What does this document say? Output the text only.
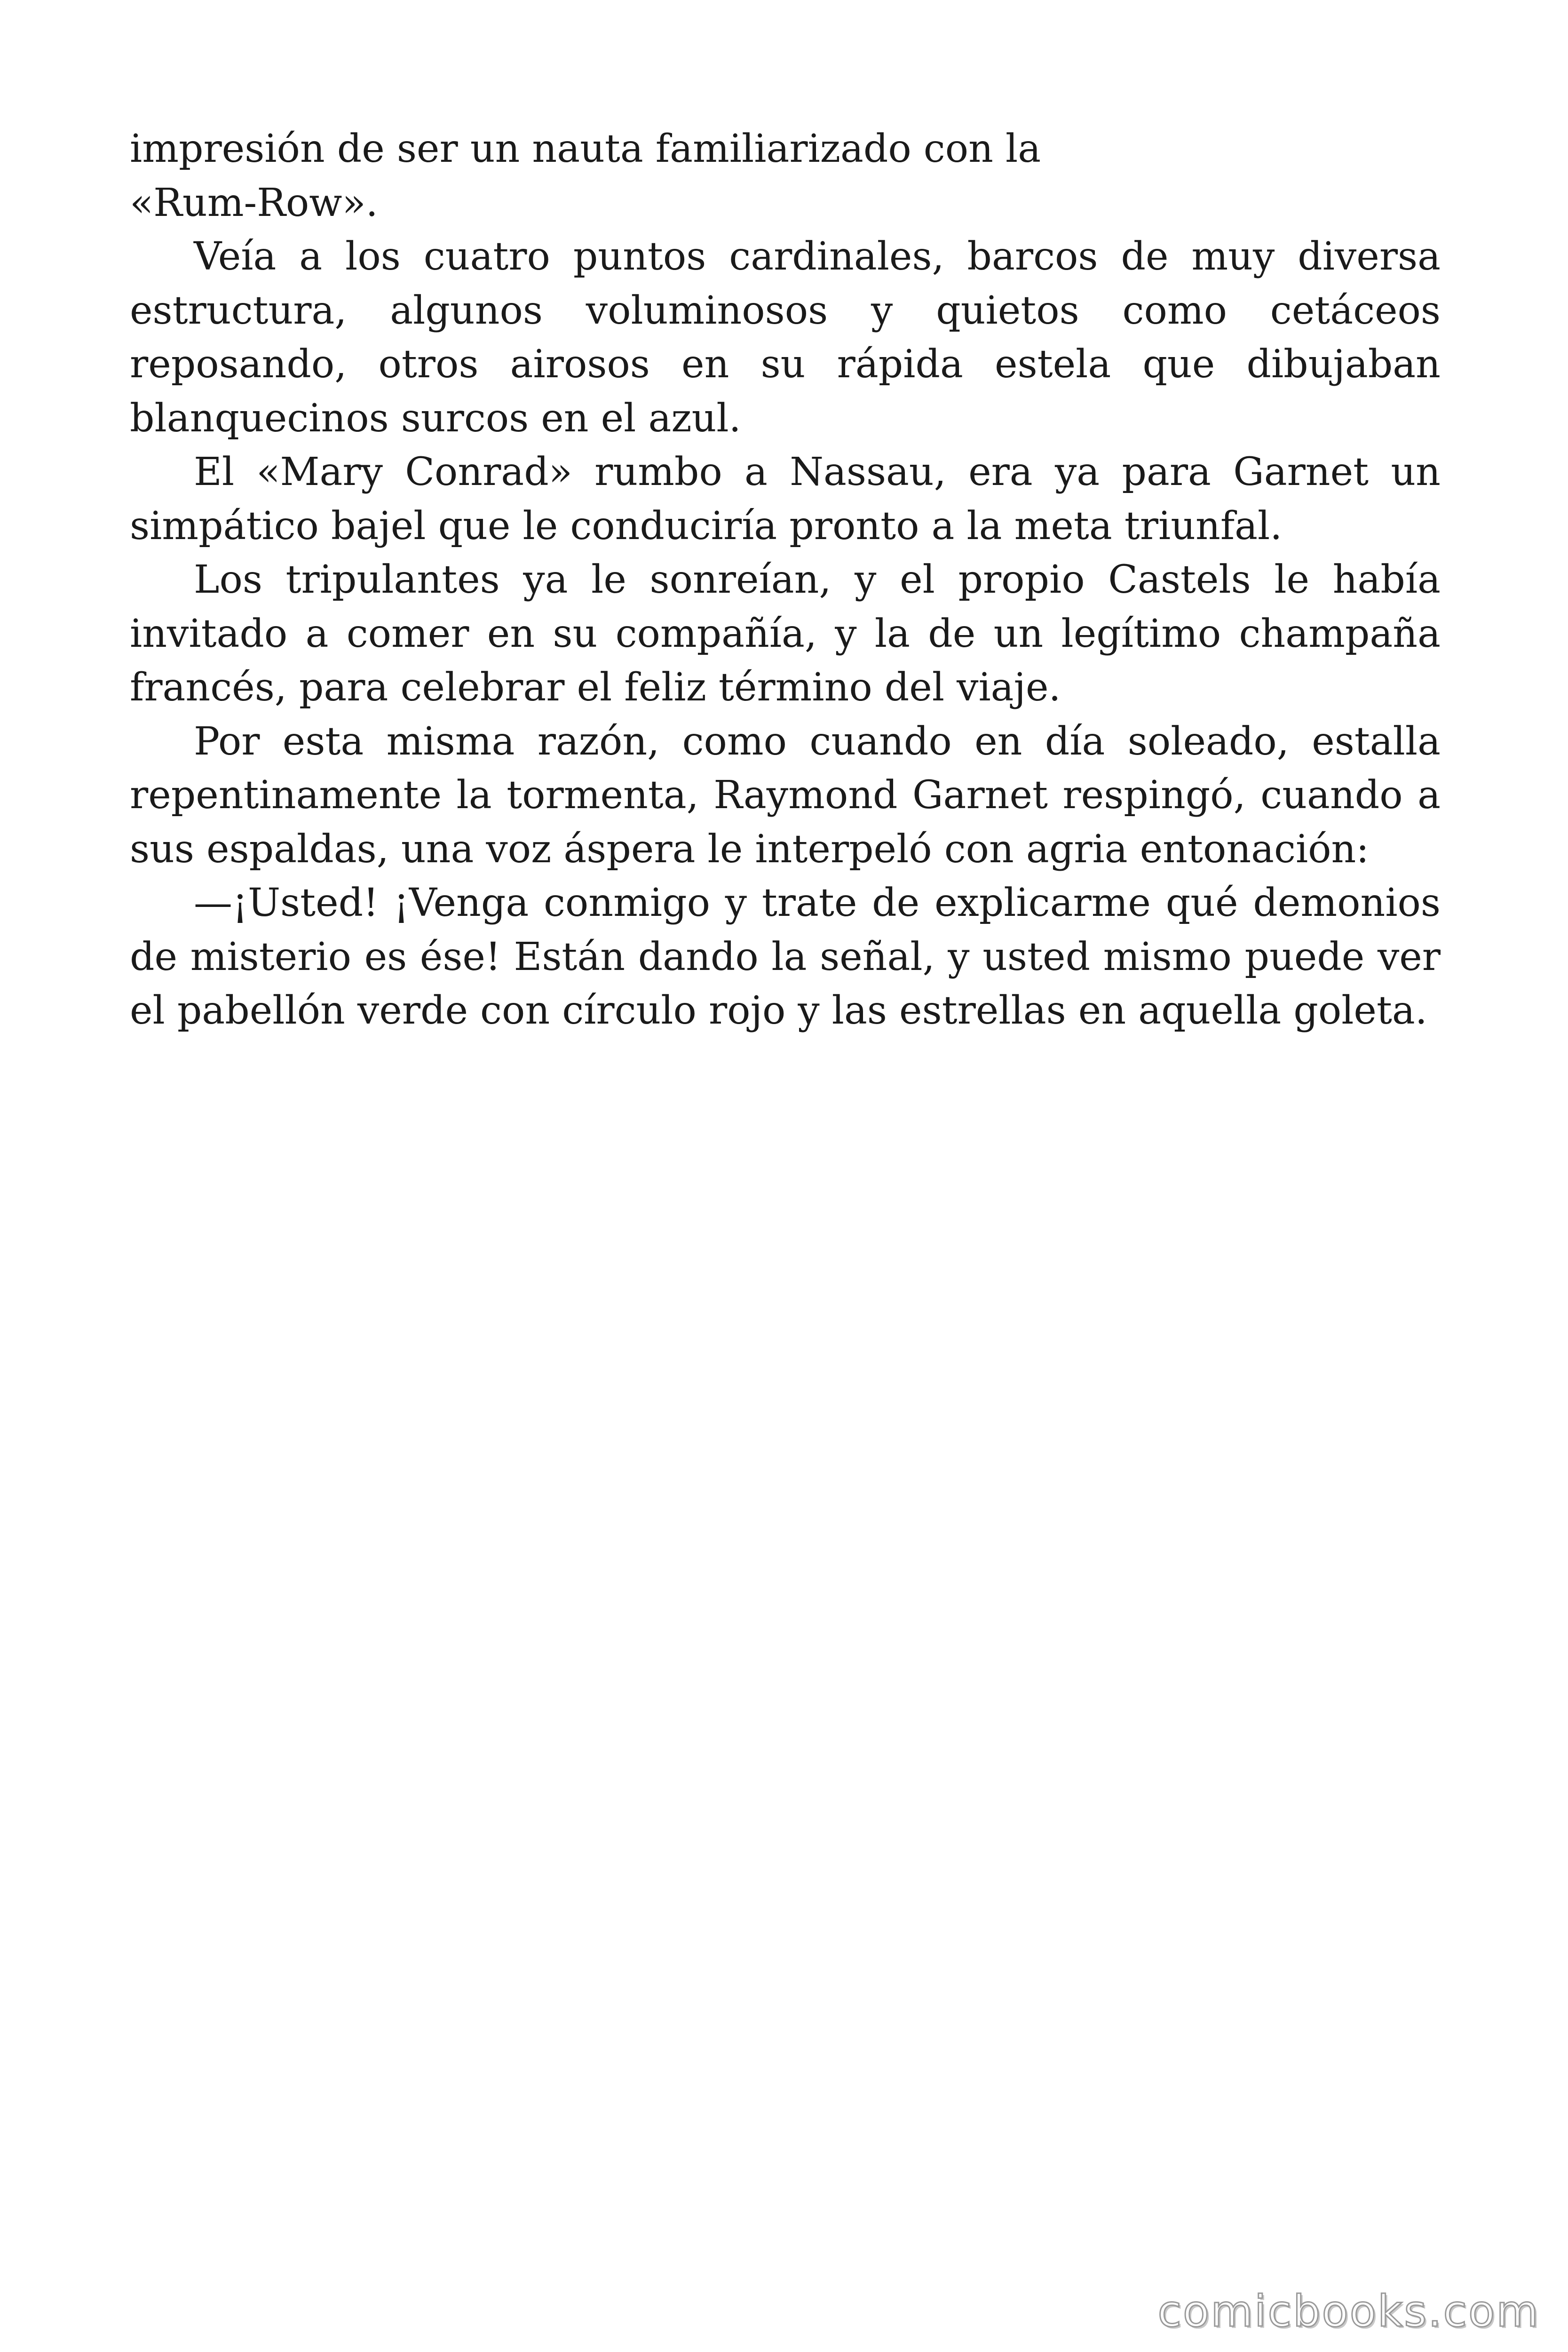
impresión de ser un nauta familiarizado con la
«Rum-Row».

Veía a los cuatro puntos cardinales, barcos de muy diversa estructura, algunos voluminosos y quietos como cetáceos reposando, otros airosos en su rápida estela que dibujaban blanquecinos surcos en el azul.

El «Mary Conrad» rumbo a Nassau, era ya para Garnet un simpático bajel que le conduciría pronto a la meta triunfal.

Los tripulantes ya le sonreían, y el propio Castels le había invitado a comer en su compañía, y la de un legítimo champaña francés, para celebrar el feliz término del viaje.

Por esta misma razón, como cuando en día soleado, estalla repentinamente la tormenta, Raymond Garnet respingó, cuando a sus espaldas, una voz áspera le interpeló con agria entonación:

—¡Usted! ¡Venga conmigo y trate de explicarme qué demonios de misterio es ése! Están dando la señal, y usted mismo puede ver el pabellón verde con círculo rojo y las estrellas en aquella goleta.

comicbooks.com
